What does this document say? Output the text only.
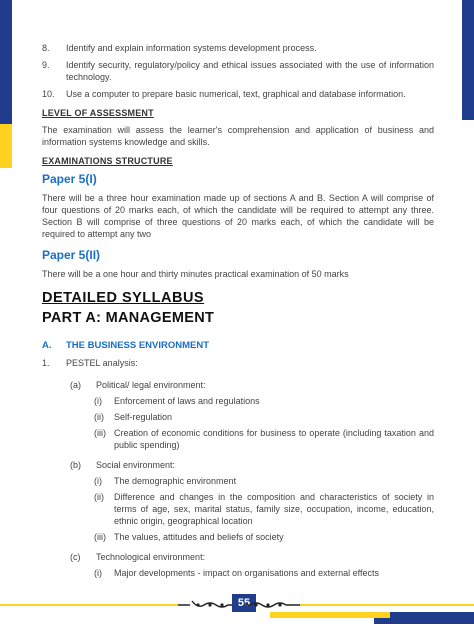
8. Identify and explain information systems development process.
9. Identify security, regulatory/policy and ethical issues associated with the use of information technology.
10. Use a computer to prepare basic numerical, text, graphical and database information.
LEVEL OF ASSESSMENT
The examination will assess the learner's comprehension and application of business and information systems knowledge and skills.
EXAMINATIONS STRUCTURE
Paper 5(I)
There will be a three hour examination made up of sections A and B. Section A will comprise of four questions of 20 marks each, of which the candidate will be required to attempt any three. Section B will comprise of three questions of 20 marks each, of which the candidate will be required to attempt any two
Paper 5(II)
There will be a one hour and thirty minutes practical examination of 50 marks
DETAILED SYLLABUS
PART A: MANAGEMENT
A. THE BUSINESS ENVIRONMENT
1. PESTEL analysis:
(a) Political/ legal environment:
(i) Enforcement of laws and regulations
(ii) Self-regulation
(iii) Creation of economic conditions for business to operate (including taxation and public spending)
(b) Social environment:
(i) The demographic environment
(ii) Difference and changes in the composition and characteristics of society in terms of age, sex, marital status, family size, occupation, income, education, ethnic origin, geographical location
(iii) The values, attitudes and beliefs of society
(c) Technological environment:
(i) Major developments - impact on organisations and external effects
55
